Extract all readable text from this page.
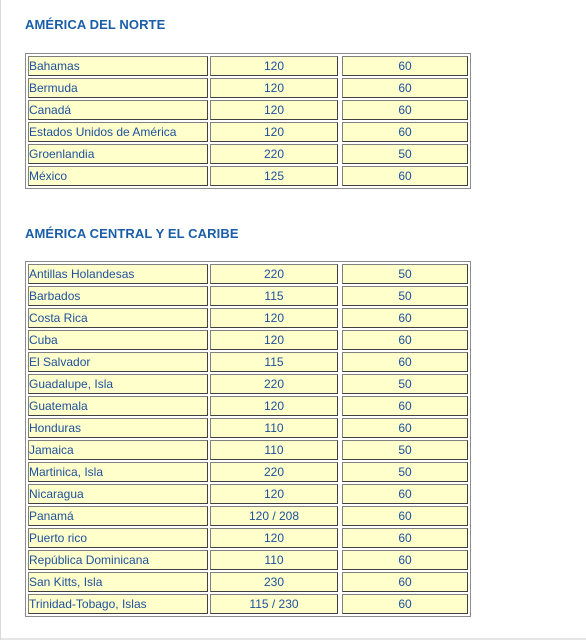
AMÉRICA DEL NORTE
Bahamas	120		60
Bermuda	120		60
Canadá	120		60
Estados Unidos de América	120		60
Groenlandia	220		50
México	125		60
AMÉRICA CENTRAL Y EL CARIBE
Antillas Holandesas	220		50
Barbados	115		50
Costa Rica	120		60
Cuba	120		60
El Salvador	115		60
Guadalupe, Isla	220		50
Guatemala	120		60
Honduras	110		60
Jamaica	110		50
Martinica, Isla	220		50
Nicaragua	120		60
Panamá	120 / 208		60
Puerto rico	120		60
República Dominicana	110		60
San Kitts, Isla	230		60
Trinidad-Tobago, Islas	115 / 230		60
